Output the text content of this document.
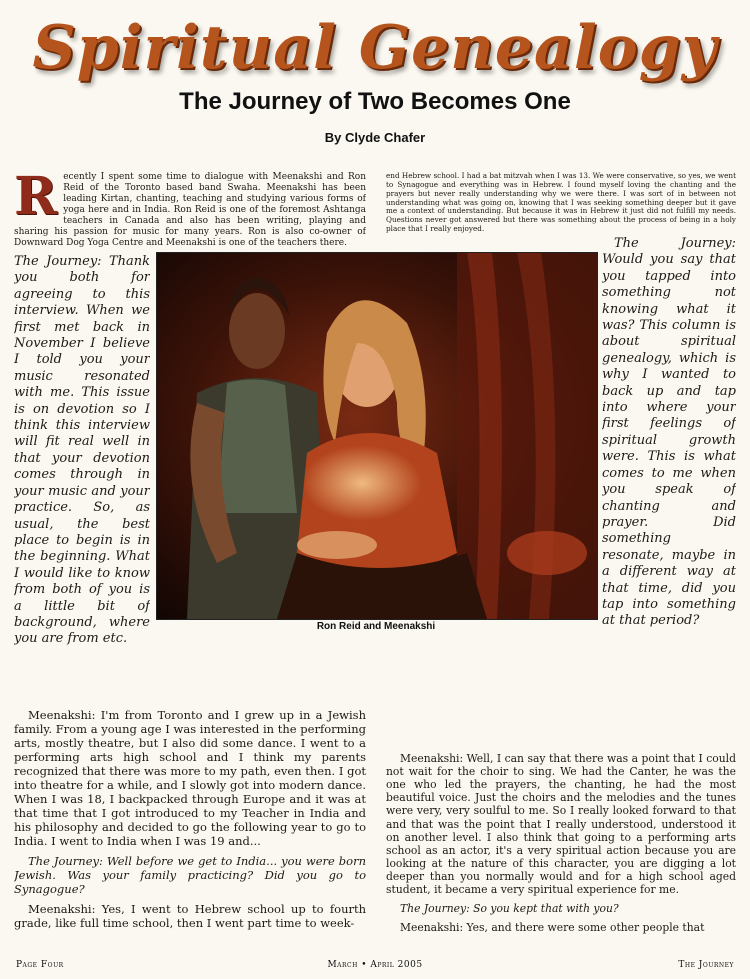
Spiritual Genealogy
The Journey of Two Becomes One
By Clyde Chafer

Recently I spent some time to dialogue with Meenakshi and Ron Reid of the Toronto based band Swaha. Meenakshi has been leading Kirtan, chanting, teaching and studying various forms of yoga here and in India. Ron Reid is one of the foremost Ashtanga teachers in Canada and also has been writing, playing and sharing his passion for music for many years. Ron is also co-owner of Downward Dog Yoga Centre and Meenakshi is one of the teachers there.

Ron Reid and Meenakshi

The Journey: Thank you both for agreeing to this interview. When we first met back in November I believe I told you your music resonated with me. This issue is on devotion so I think this interview will fit real well in that your devotion comes through in your music and your practice. So, as usual, the best place to begin is in the beginning. What I would like to know from both of you is a little bit of background, where you are from etc.

Meenakshi: I'm from Toronto and I grew up in a Jewish family. From a young age I was interested in the performing arts, mostly theatre, but I also did some dance. I went to a performing arts high school and I think my parents recognized that there was more to my path, even then. I got into theatre for a while, and I slowly got into modern dance. When I was 18, I backpacked through Europe and it was at that time that I got introduced to my Teacher in India and his philosophy and decided to go the following year to go to India. I went to India when I was 19 and...

The Journey: Well before we get to India... you were born Jewish. Was your family practicing? Did you go to Synagogue?

Meenakshi: Yes, I went to Hebrew school up to fourth grade, like full time school, then I went part time to week-

end Hebrew school. I had a bat mitzvah when I was 13. We were conservative, so yes, we went to Synagogue and everything was in Hebrew. I found myself loving the chanting and the prayers but never really understanding why we were there. I was sort of in between not understanding what was going on, knowing that I was seeking something deeper but it gave me a context of understanding. But because it was in Hebrew it just did not fulfill my needs. Questions never got answered but there was something about the process of being in a holy place that I really enjoyed.

The Journey: Would you say that you tapped into something not knowing what it was? This column is about spiritual genealogy, which is why I wanted to back up and tap into where your first feelings of spiritual growth were. This is what comes to me when you speak of chanting and prayer. Did something resonate, maybe in a different way at that time, did you tap into something at that period?

Meenakshi: Well, I can say that there was a point that I could not wait for the choir to sing. We had the Canter, he was the one who led the prayers, the chanting, he had the most beautiful voice. Just the choirs and the melodies and the tunes were very, very soulful to me. So I really looked forward to that and that was the point that I really understood, understood it on another level. I also think that going to a performing arts school as an actor, it's a very spiritual action because you are looking at the nature of this character, you are digging a lot deeper than you normally would and for a high school aged student, it became a very spiritual experience for me.

The Journey: So you kept that with you?

Meenakshi: Yes, and there were some other people that

Page Four	March • April 2005	The Journey
